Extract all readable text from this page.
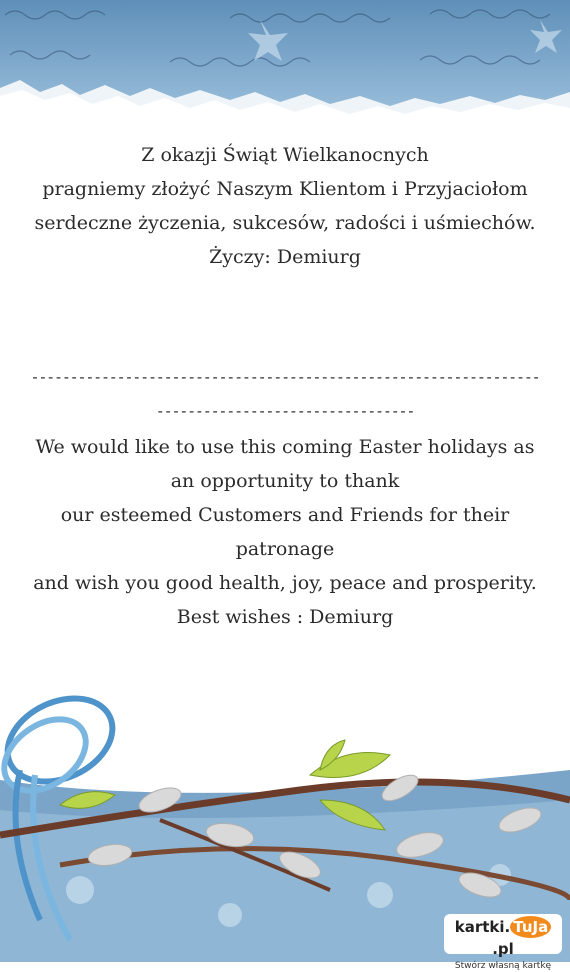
Z okazji Świąt Wielkanocnych
pragniemy złożyć Naszym Klientom i Przyjaciołom
serdeczne życzenia, sukcesów, radości i uśmiechów.
Życzy: Demiurg
--------------------------------------------------------------------------------------------------
We would like to use this coming Easter holidays as
an opportunity to thank
our esteemed Customers and Friends for their
patronage
and wish you good health, joy, peace and prosperity.
Best wishes : Demiurg
kartki. TuJa.pl
Stwórz własną kartkę
